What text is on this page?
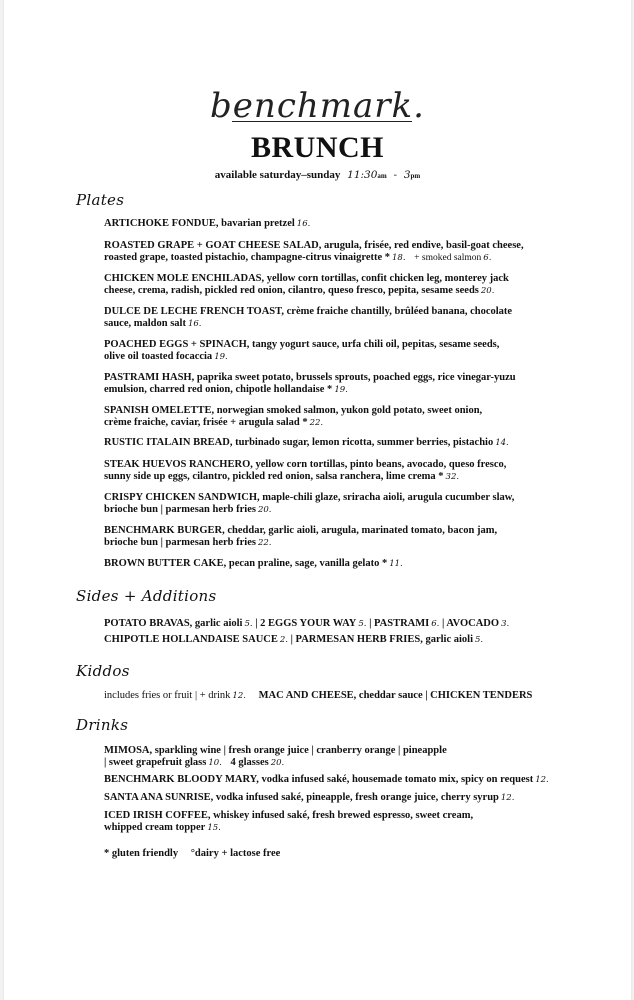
benchmark.
BRUNCH
available saturday–sunday 11:30am - 3pm
Plates
ARTICHOKE FONDUE, bavarian pretzel 16.
ROASTED GRAPE + GOAT CHEESE SALAD, arugula, frisée, red endive, basil-goat cheese,
roasted grape, toasted pistachio, champagne-citrus vinaigrette * 18. + smoked salmon 6.
CHICKEN MOLE ENCHILADAS, yellow corn tortillas, confit chicken leg, monterey jack
cheese, crema, radish, pickled red onion, cilantro, queso fresco, pepita, sesame seeds 20.
DULCE DE LECHE FRENCH TOAST, crème fraiche chantilly, brûléed banana, chocolate
sauce, maldon salt 16.
POACHED EGGS + SPINACH, tangy yogurt sauce, urfa chili oil, pepitas, sesame seeds,
olive oil toasted focaccia 19.
PASTRAMI HASH, paprika sweet potato, brussels sprouts, poached eggs, rice vinegar-yuzu
emulsion, charred red onion, chipotle hollandaise * 19.
SPANISH OMELETTE, norwegian smoked salmon, yukon gold potato, sweet onion,
crème fraiche, caviar, frisée + arugula salad * 22.
RUSTIC ITALAIN BREAD, turbinado sugar, lemon ricotta, summer berries, pistachio 14.
STEAK HUEVOS RANCHERO, yellow corn tortillas, pinto beans, avocado, queso fresco,
sunny side up eggs, cilantro, pickled red onion, salsa ranchera, lime crema * 32.
CRISPY CHICKEN SANDWICH, maple-chili glaze, sriracha aioli, arugula cucumber slaw,
brioche bun | parmesan herb fries 20.
BENCHMARK BURGER, cheddar, garlic aioli, arugula, marinated tomato, bacon jam,
brioche bun | parmesan herb fries 22.
BROWN BUTTER CAKE, pecan praline, sage, vanilla gelato * 11.
Sides + Additions
POTATO BRAVAS, garlic aioli 5. | 2 EGGS YOUR WAY 5. | PASTRAMI 6. | AVOCADO 3.
CHIPOTLE HOLLANDAISE SAUCE 2. | PARMESAN HERB FRIES, garlic aioli 5.
Kiddos
includes fries or fruit | + drink 12. MAC AND CHEESE, cheddar sauce | CHICKEN TENDERS
Drinks
MIMOSA, sparkling wine | fresh orange juice | cranberry orange | pineapple
| sweet grapefruit glass 10. 4 glasses 20.
BENCHMARK BLOODY MARY, vodka infused saké, housemade tomato mix, spicy on request 12.
SANTA ANA SUNRISE, vodka infused saké, pineapple, fresh orange juice, cherry syrup 12.
ICED IRISH COFFEE, whiskey infused saké, fresh brewed espresso, sweet cream,
whipped cream topper 15.
* gluten friendly °dairy + lactose free
